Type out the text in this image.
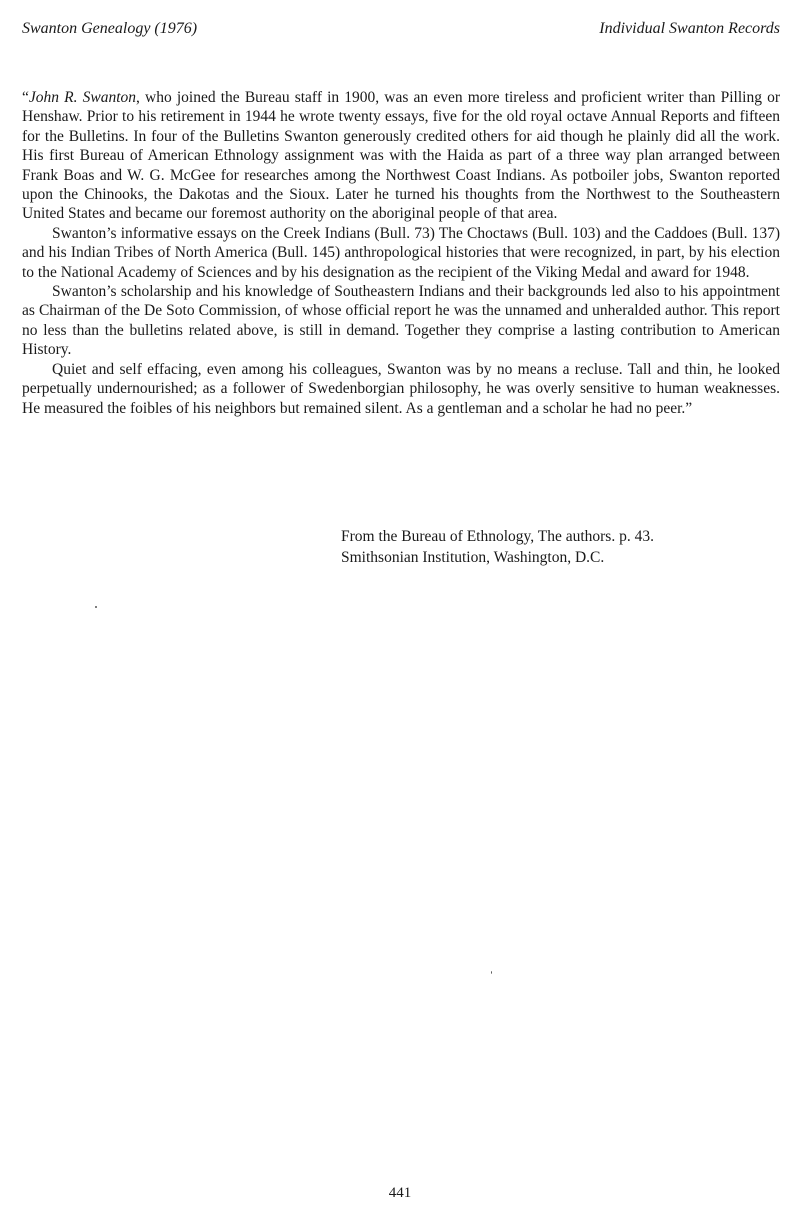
Swanton Genealogy (1976)	Individual Swanton Records

“John R. Swanton, who joined the Bureau staff in 1900, was an even more tireless and proficient writer than Pilling or Henshaw. Prior to his retirement in 1944 he wrote twenty essays, five for the old royal octave Annual Reports and fifteen for the Bulletins. In four of the Bulletins Swanton generously credited others for aid though he plainly did all the work. His first Bureau of American Ethnology assignment was with the Haida as part of a three way plan arranged between Frank Boas and W. G. McGee for researches among the Northwest Coast Indians. As potboiler jobs, Swanton reported upon the Chinooks, the Dakotas and the Sioux. Later he turned his thoughts from the Northwest to the Southeastern United States and became our foremost authority on the aboriginal people of that area.

Swanton’s informative essays on the Creek Indians (Bull. 73) The Choctaws (Bull. 103) and the Caddoes (Bull. 137) and his Indian Tribes of North America (Bull. 145) anthropological histories that were recognized, in part, by his election to the National Academy of Sciences and by his designation as the recipient of the Viking Medal and award for 1948.

Swanton’s scholarship and his knowledge of Southeastern Indians and their backgrounds led also to his appointment as Chairman of the De Soto Commission, of whose official report he was the unnamed and unheralded author. This report no less than the bulletins related above, is still in demand. Together they comprise a lasting contribution to American History.

Quiet and self effacing, even among his colleagues, Swanton was by no means a recluse. Tall and thin, he looked perpetually undernourished; as a follower of Swedenborgian philosophy, he was overly sensitive to human weaknesses. He measured the foibles of his neighbors but remained silent. As a gentleman and a scholar he had no peer.”

From the Bureau of Ethnology, The authors. p. 43.
Smithsonian Institution, Washington, D.C.
441
